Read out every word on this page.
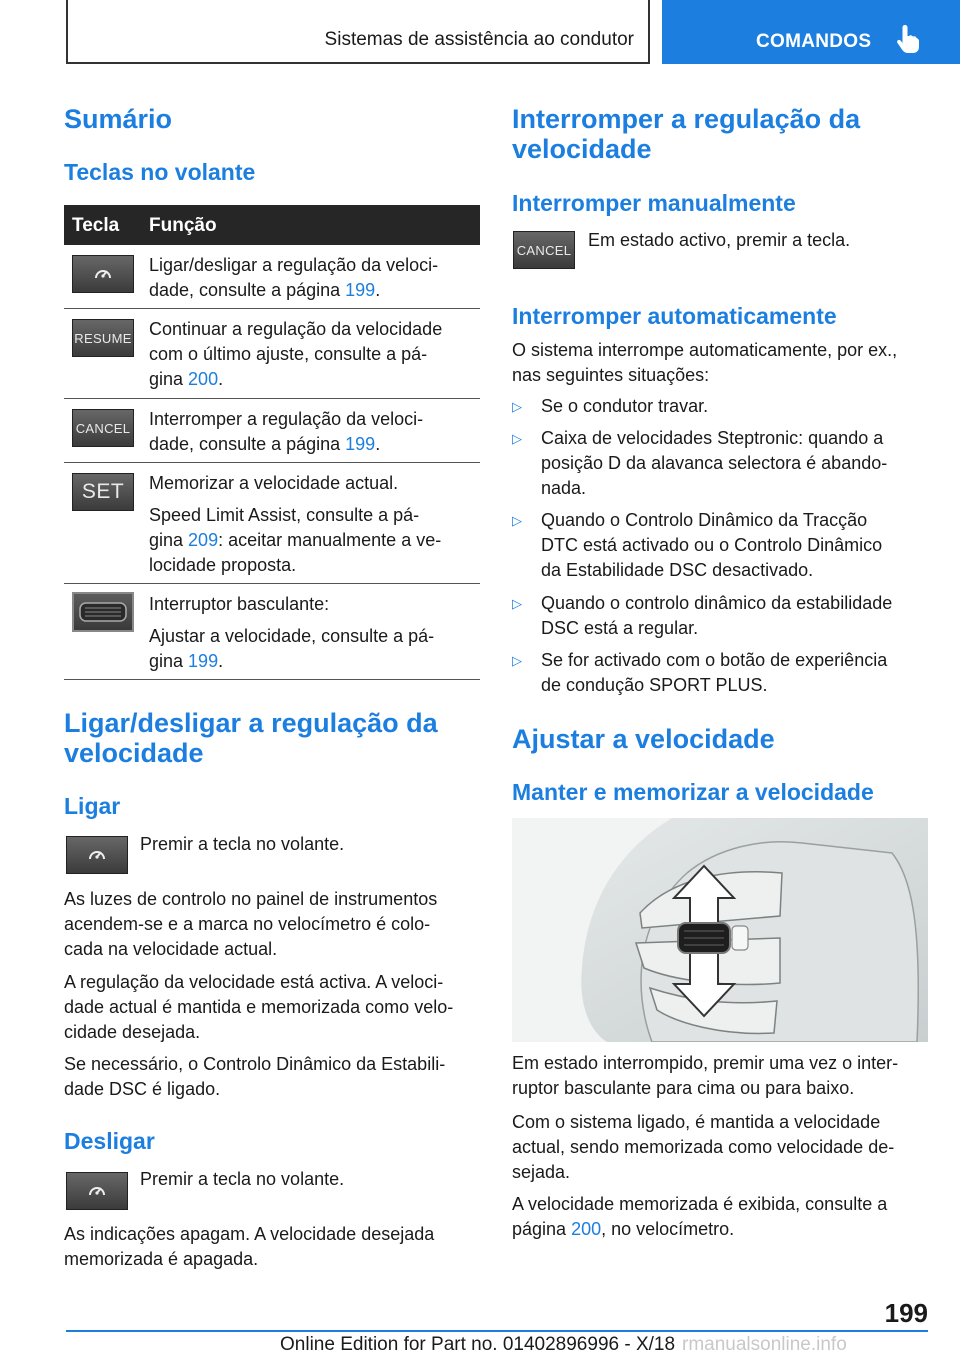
Sistemas de assistência ao condutor	COMANDOS
Sumário
Teclas no volante
Tecla Função

Ligar/desligar a regulação da veloci-
dade, consulte a página 199.

RESUME Continuar a regulação da velocidade
com o último ajuste, consulte a pá-
gina 200.

CANCEL Interromper a regulação da veloci-
dade, consulte a página 199.

SET Memorizar a velocidade actual.

Speed Limit Assist, consulte a pá-
gina 209: aceitar manualmente a ve-
locidade proposta.

Interruptor basculante:

Ajustar a velocidade, consulte a pá-
gina 199.

Ligar/desligar a regulação da
velocidade
Ligar
Premir a tecla no volante.
As luzes de controlo no painel de instrumentos
acendem-se e a marca no velocímetro é colo-
cada na velocidade actual.
A regulação da velocidade está activa. A veloci-
dade actual é mantida e memorizada como velo-
cidade desejada.
Se necessário, o Controlo Dinâmico da Estabili-
dade DSC é ligado.
Desligar
Premir a tecla no volante.
As indicações apagam. A velocidade desejada
memorizada é apagada.
Interromper a regulação da
velocidade
Interromper manualmente
CANCEL Em estado activo, premir a tecla.
Interromper automaticamente
O sistema interrompe automaticamente, por ex.,
nas seguintes situações:
▷ Se o condutor travar.
▷ Caixa de velocidades Steptronic: quando a
posição D da alavanca selectora é abando-
nada.
▷ Quando o Controlo Dinâmico da Tracção
DTC está activado ou o Controlo Dinâmico
da Estabilidade DSC desactivado.
▷ Quando o controlo dinâmico da estabilidade
DSC está a regular.
▷ Se for activado com o botão de experiência
de condução SPORT PLUS.
Ajustar a velocidade
Manter e memorizar a velocidade
Em estado interrompido, premir uma vez o inter-
ruptor basculante para cima ou para baixo.
Com o sistema ligado, é mantida a velocidade
actual, sendo memorizada como velocidade de-
sejada.
A velocidade memorizada é exibida, consulte a
página 200, no velocímetro.
199
Online Edition for Part no. 01402896996 - X/18 rmanualsonline.info
